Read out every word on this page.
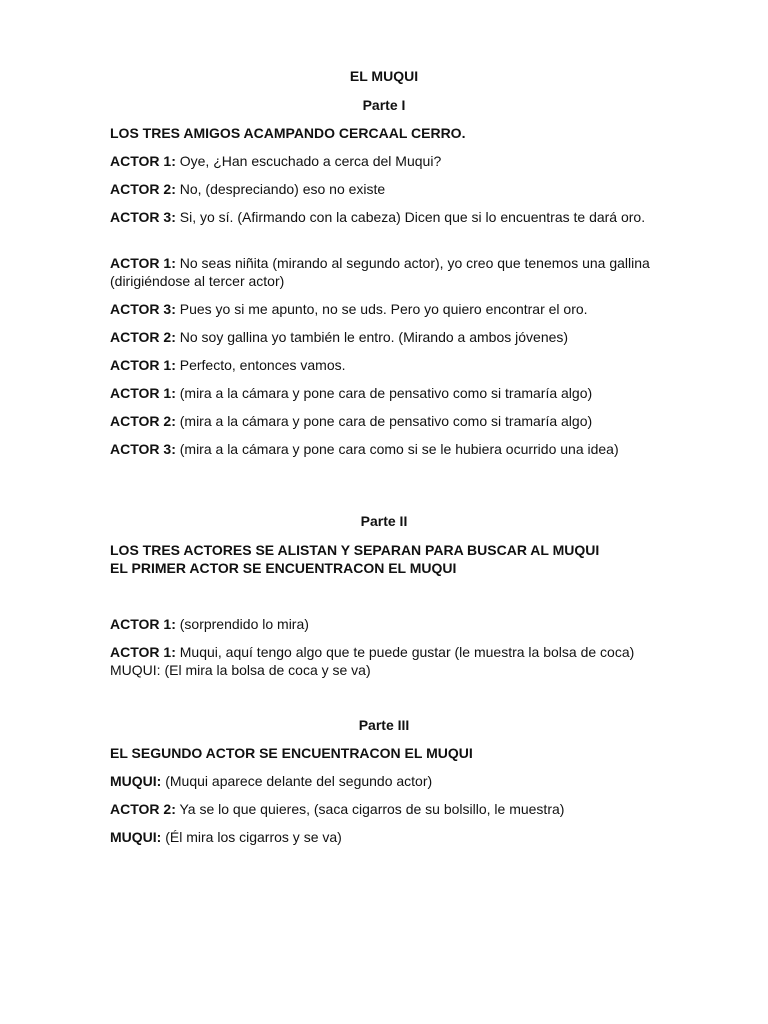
EL MUQUI

Parte I

LOS TRES AMIGOS ACAMPANDO CERCAAL CERRO.

ACTOR 1: Oye, ¿Han escuchado a cerca del Muqui?

ACTOR 2: No, (despreciando) eso no existe

ACTOR 3: Si, yo sí. (Afirmando con la cabeza) Dicen que si lo encuentras te dará oro.

ACTOR 1: No seas niñita (mirando al segundo actor), yo creo que tenemos una gallina (dirigiéndose al tercer actor)

ACTOR 3: Pues yo si me apunto, no se uds. Pero yo quiero encontrar el oro.

ACTOR 2: No soy gallina yo también le entro. (Mirando a ambos jóvenes)

ACTOR 1: Perfecto, entonces vamos.

ACTOR 1: (mira a la cámara y pone cara de pensativo como si tramaría algo)

ACTOR 2: (mira a la cámara y pone cara de pensativo como si tramaría algo)

ACTOR 3: (mira a la cámara y pone cara como si se le hubiera ocurrido una idea)

Parte II

LOS TRES ACTORES SE ALISTAN Y SEPARAN PARA BUSCAR AL MUQUI

EL PRIMER ACTOR SE ENCUENTRACON EL MUQUI

ACTOR 1: (sorprendido lo mira)

ACTOR 1: Muqui, aquí tengo algo que te puede gustar (le muestra la bolsa de coca) MUQUI: (El mira la bolsa de coca y se va)

Parte III

EL SEGUNDO ACTOR SE ENCUENTRACON EL MUQUI

MUQUI: (Muqui aparece delante del segundo actor)

ACTOR 2: Ya se lo que quieres, (saca cigarros de su bolsillo, le muestra)

MUQUI: (Él mira los cigarros y se va)
